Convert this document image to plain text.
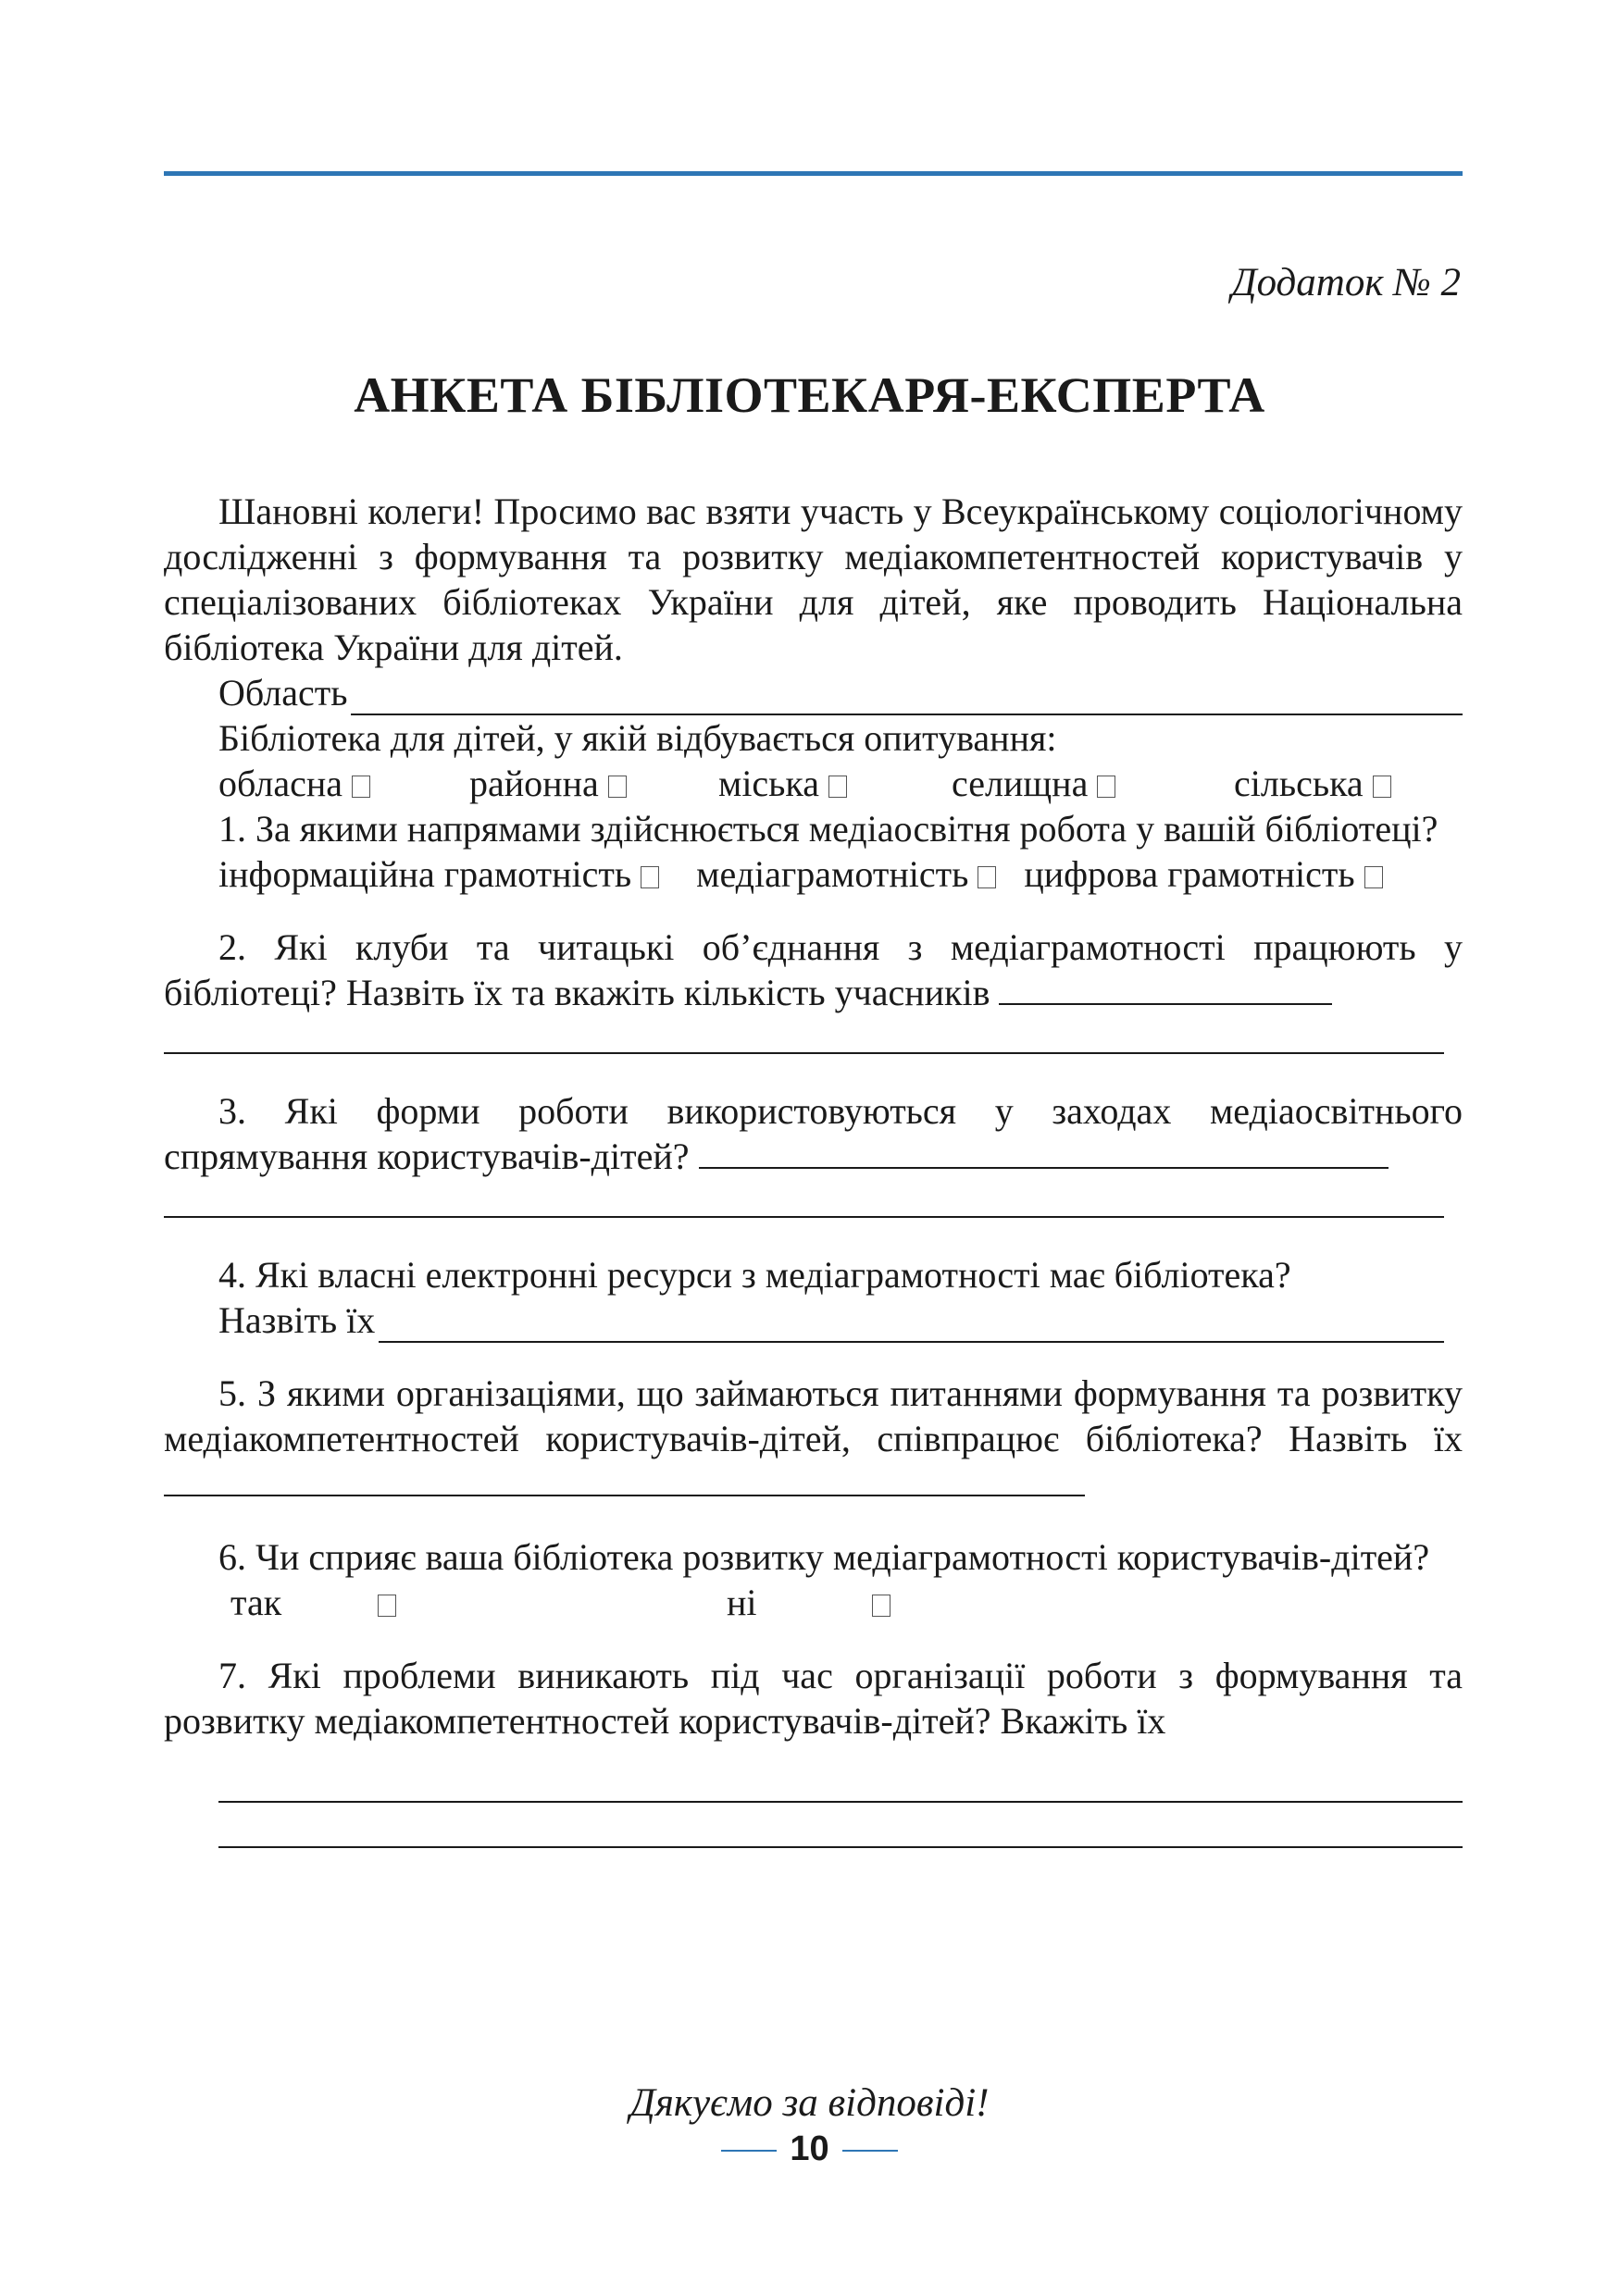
Додаток № 2
АНКЕТА БІБЛІОТЕКАРЯ-ЕКСПЕРТА

Шановні колеги! Просимо вас взяти участь у Всеукраїнському соціологічному дослідженні з формування та розвитку медіакомпетентностей користувачів у спеціалізованих бібліотеках України для дітей, яке проводить Національна бібліотека України для дітей.

Область

Бібліотека для дітей, у якій відбувається опитування:

обласна	районна	міська	селищна	сільська

1. За якими напрямами здійснюється медіаосвітня робота у вашій бібліотеці?

інформаційна грамотність медіаграмотність цифрова грамотність

2. Які клуби та читацькі об’єднання з медіаграмотності працюють у бібліотеці? Назвіть їх та вкажіть кількість учасників

3. Які форми роботи використовуються у заходах медіаосвітнього спрямування користувачів-дітей?

4. Які власні електронні ресурси з медіаграмотності має бібліотека?

Назвіть їх

5. З якими організаціями, що займаються питаннями формування та розвитку медіакомпетентностей користувачів-дітей, співпрацює бібліотека? Назвіть їх

6. Чи сприяє ваша бібліотека розвитку медіаграмотності користувачів-дітей?

так	ні

7. Які проблеми виникають під час організації роботи з формування та розвитку медіакомпетентностей користувачів-дітей? Вкажіть їх

Дякуємо за відповіді!
10
